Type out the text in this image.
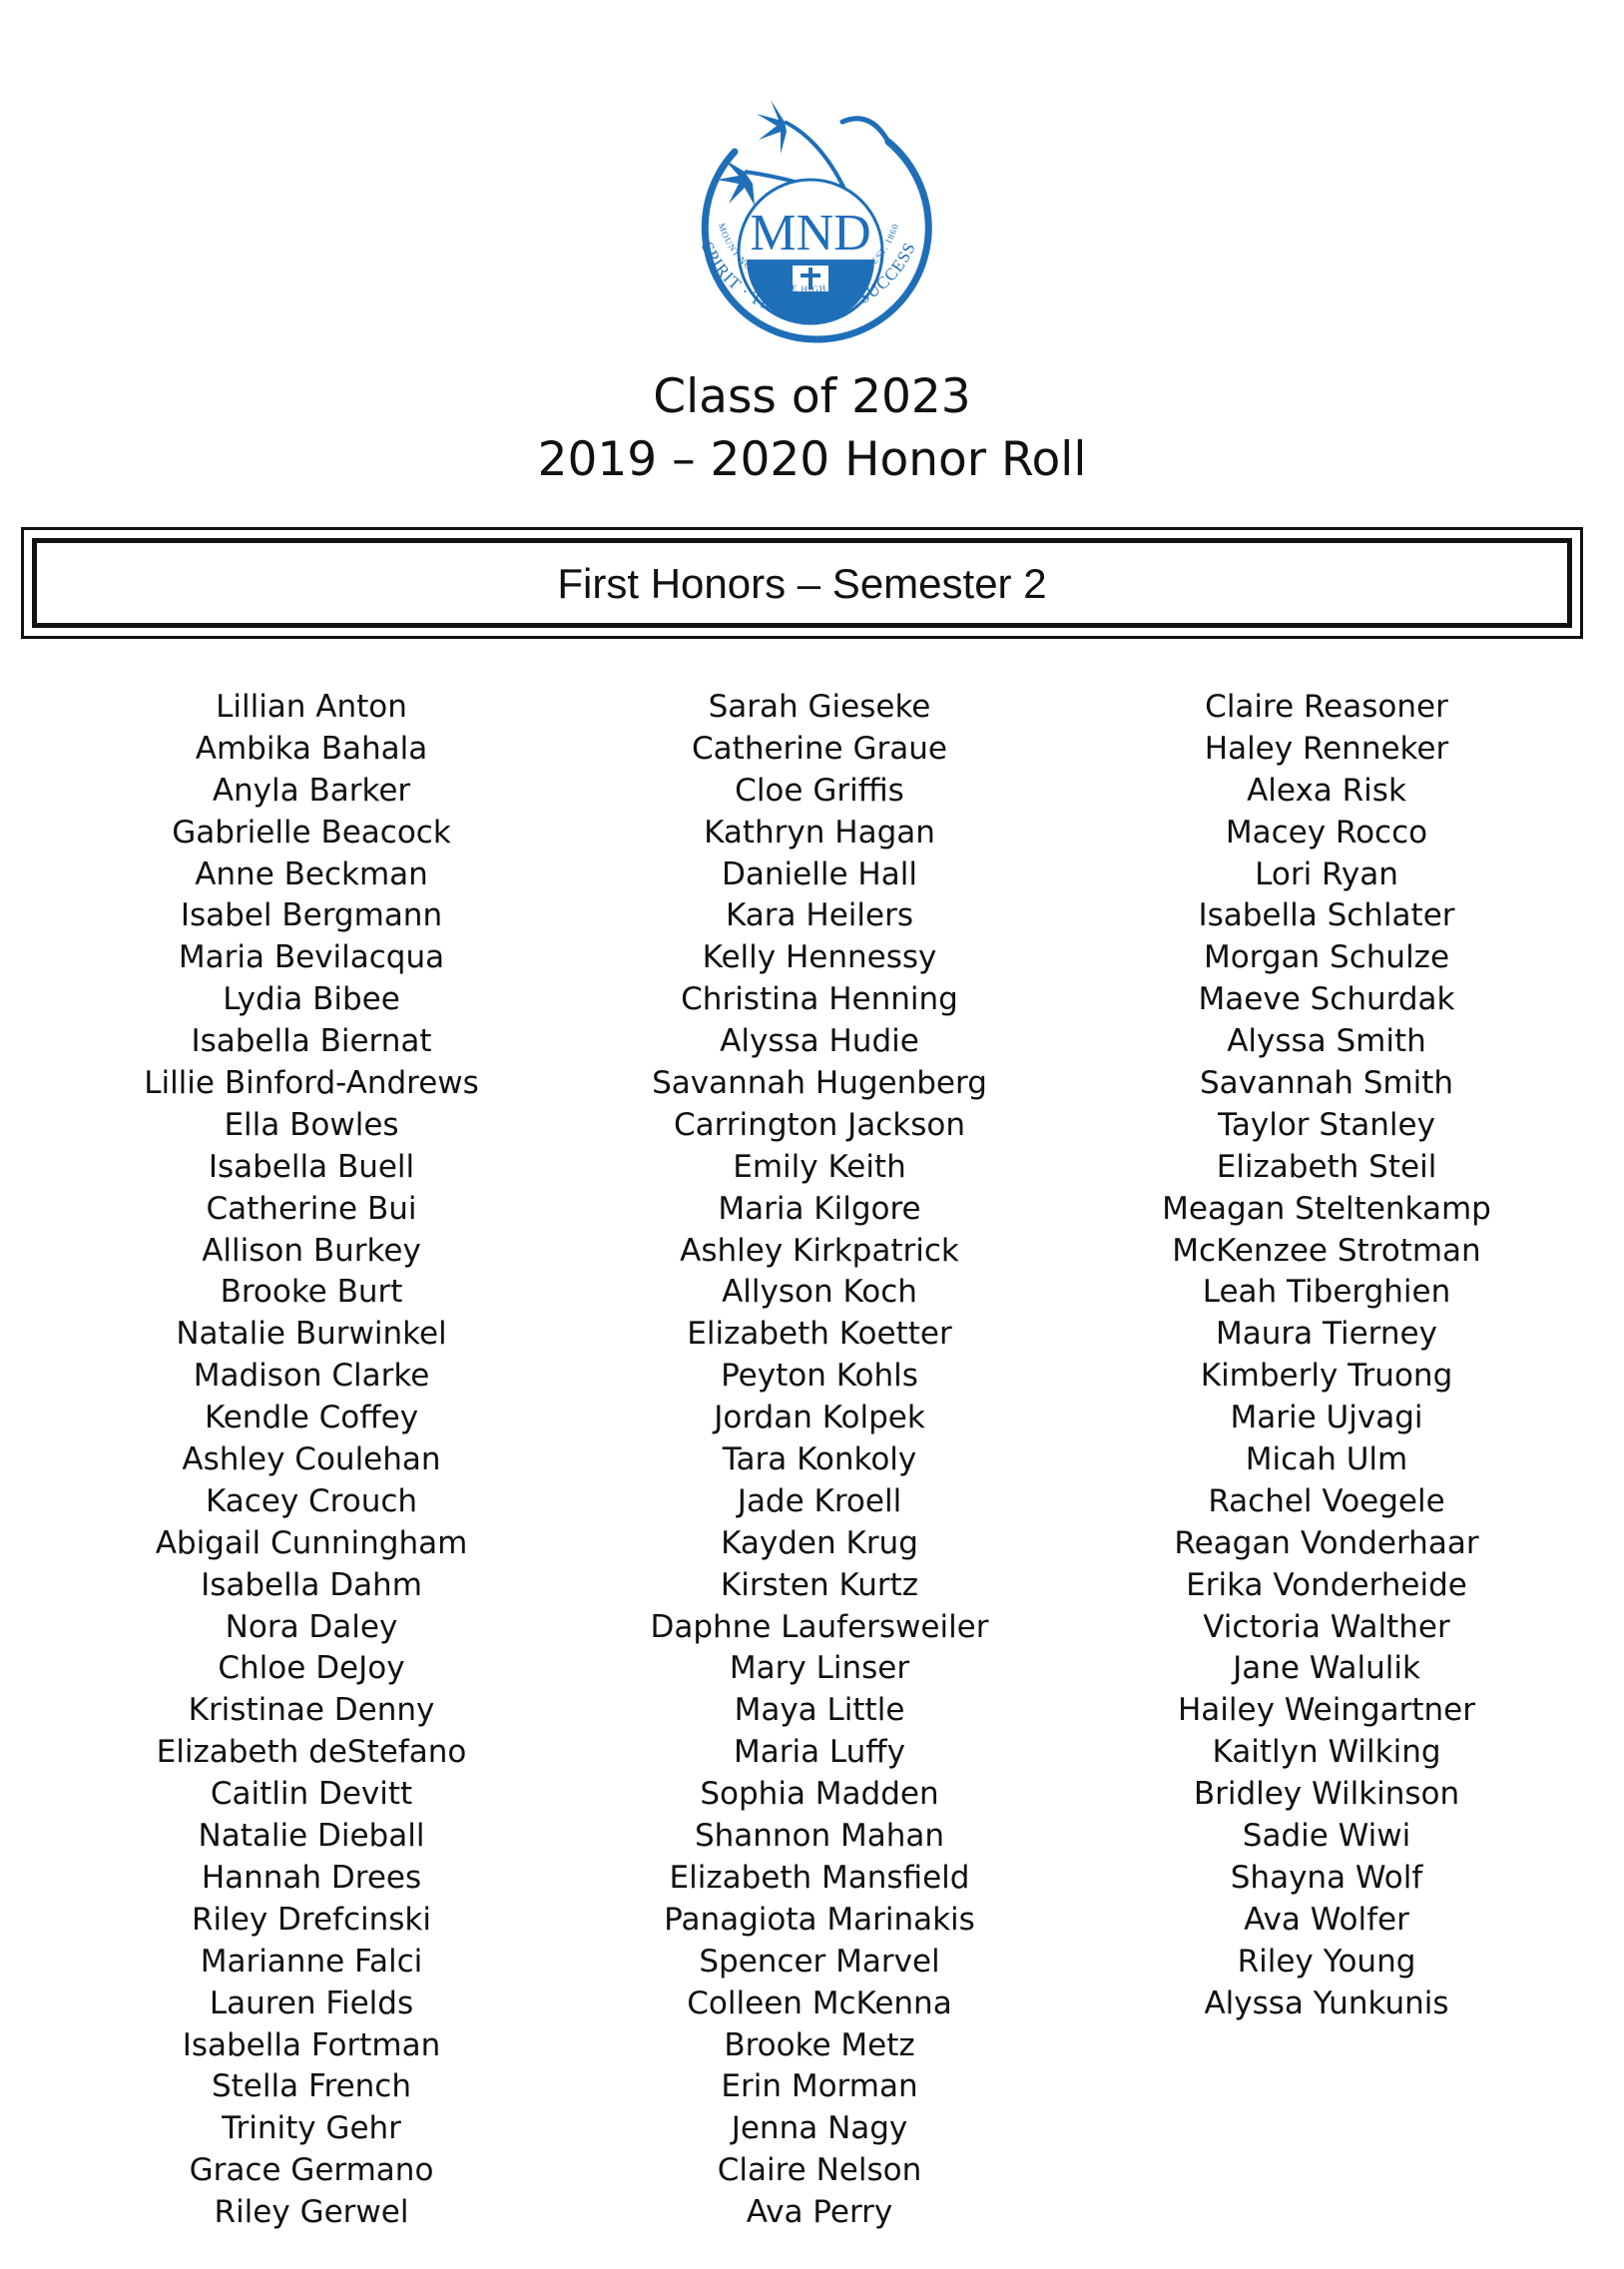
MND
MOUNT NOTRE DAME HIGH SCHOOL · EST. 1860
SPIRIT · TRADITION · SUCCESS
Class of 2023
2019 – 2020 Honor Roll
First Honors – Semester 2
Lillian Anton
Ambika Bahala
Anyla Barker
Gabrielle Beacock
Anne Beckman
Isabel Bergmann
Maria Bevilacqua
Lydia Bibee
Isabella Biernat
Lillie Binford-Andrews
Ella Bowles
Isabella Buell
Catherine Bui
Allison Burkey
Brooke Burt
Natalie Burwinkel
Madison Clarke
Kendle Coffey
Ashley Coulehan
Kacey Crouch
Abigail Cunningham
Isabella Dahm
Nora Daley
Chloe DeJoy
Kristinae Denny
Elizabeth deStefano
Caitlin Devitt
Natalie Dieball
Hannah Drees
Riley Drefcinski
Marianne Falci
Lauren Fields
Isabella Fortman
Stella French
Trinity Gehr
Grace Germano
Riley Gerwel
Sarah Gieseke
Catherine Graue
Cloe Griffis
Kathryn Hagan
Danielle Hall
Kara Heilers
Kelly Hennessy
Christina Henning
Alyssa Hudie
Savannah Hugenberg
Carrington Jackson
Emily Keith
Maria Kilgore
Ashley Kirkpatrick
Allyson Koch
Elizabeth Koetter
Peyton Kohls
Jordan Kolpek
Tara Konkoly
Jade Kroell
Kayden Krug
Kirsten Kurtz
Daphne Laufersweiler
Mary Linser
Maya Little
Maria Luffy
Sophia Madden
Shannon Mahan
Elizabeth Mansfield
Panagiota Marinakis
Spencer Marvel
Colleen McKenna
Brooke Metz
Erin Morman
Jenna Nagy
Claire Nelson
Ava Perry
Claire Reasoner
Haley Renneker
Alexa Risk
Macey Rocco
Lori Ryan
Isabella Schlater
Morgan Schulze
Maeve Schurdak
Alyssa Smith
Savannah Smith
Taylor Stanley
Elizabeth Steil
Meagan Steltenkamp
McKenzee Strotman
Leah Tiberghien
Maura Tierney
Kimberly Truong
Marie Ujvagi
Micah Ulm
Rachel Voegele
Reagan Vonderhaar
Erika Vonderheide
Victoria Walther
Jane Walulik
Hailey Weingartner
Kaitlyn Wilking
Bridley Wilkinson
Sadie Wiwi
Shayna Wolf
Ava Wolfer
Riley Young
Alyssa Yunkunis
